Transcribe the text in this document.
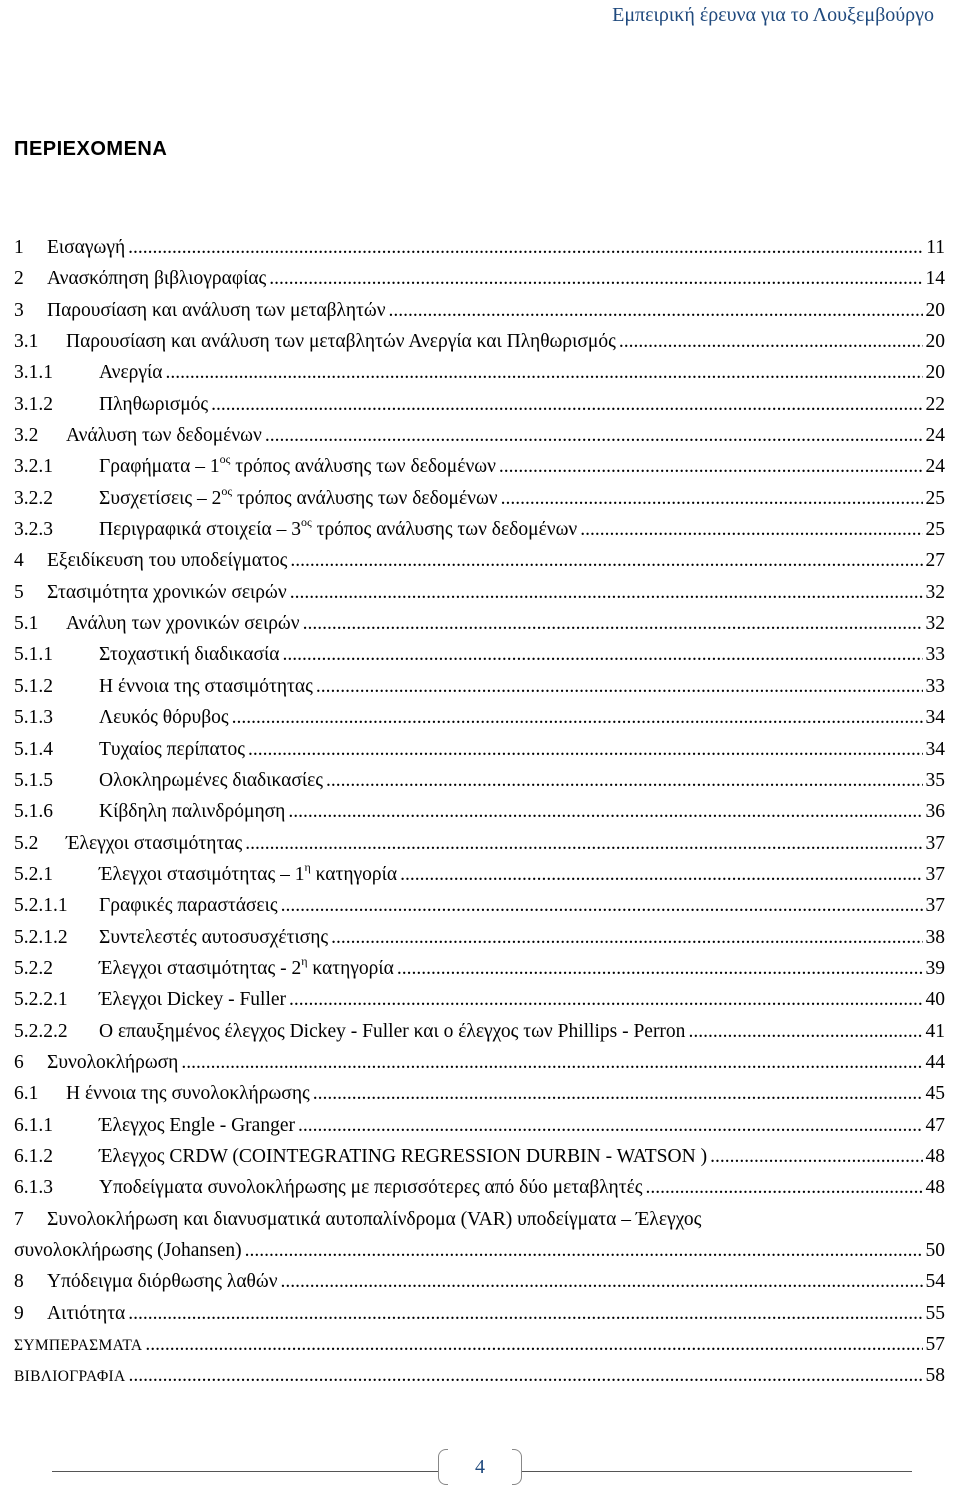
Εμπειρική έρευνα για το Λουξεμβούργο
ΠΕΡΙΕΧΟΜΕΝΑ
1	Εισαγωγή .....	11
2	Ανασκόπηση βιβλιογραφίας .....	14
3	Παρουσίαση και ανάλυση των μεταβλητών .....	20
3.1	Παρουσίαση και ανάλυση των μεταβλητών Ανεργία και Πληθωρισμός .....	20
3.1.1	Ανεργία .....	20
3.1.2	Πληθωρισμός .....	22
3.2	Ανάλυση των δεδομένων .....	24
3.2.1	Γραφήματα – $1^{o\varsigma}$ τρόπος ανάλυσης των δεδομένων .....	24
3.2.2	Συσχετίσεις – $2^{o\varsigma}$ τρόπος ανάλυσης των δεδομένων .....	25
3.2.3	Περιγραφικά στοιχεία – $3^{o\varsigma}$ τρόπος ανάλυσης των δεδομένων .....	25
4	Εξειδίκευση του υποδείγματος .....	27
5	Στασιμότητα χρονικών σειρών .....	32
5.1	Ανάλυη των χρονικών σειρών .....	32
5.1.1	Στοχαστική διαδικασία .....	33
5.1.2	Η έννοια της στασιμότητας .....	33
5.1.3	Λευκός θόρυβος .....	34
5.1.4	Τυχαίος περίπατος .....	34
5.1.5	Ολοκληρωμένες διαδικασίες .....	35
5.1.6	Κίβδηλη παλινδρόμηση .....	36
5.2	Έλεγχοι στασιμότητας .....	37
5.2.1	Έλεγχοι στασιμότητας – $1^\eta$ κατηγορία .....	37
5.2.1.1	Γραφικές παραστάσεις .....	37
5.2.1.2	Συντελεστές αυτοσυσχέτισης .....	38
5.2.2	Έλεγχοι στασιμότητας - $2^\eta$ κατηγορία .....	39
5.2.2.1	Έλεγχοι Dickey - Fuller .....	40
5.2.2.2	Ο επαυξημένος έλεγχος Dickey - Fuller και ο έλεγχος των Phillips - Perron .....	41
6	Συνολοκλήρωση .....	44
6.1	Η έννοια της συνολοκλήρωσης .....	45
6.1.1	Έλεγχος Engle - Granger .....	47
6.1.2	Έλεγχος CRDW (COINTEGRATING REGRESSION DURBIN - WATSON ) .....	48
6.1.3	Υποδείγματα συνολοκλήρωσης με περισσότερες από δύο μεταβλητές .....	48
7	Συνολοκλήρωση και διανυσματικά αυτοπαλίνδρομα (VAR) υποδείγματα – Έλεγχος
συνολοκλήρωσης (Johansen) .....	50
8	Υπόδειγμα διόρθωσης λαθών .....	54
9	Αιτιότητα .....	55
ΣΥΜΠΕΡΑΣΜΑΤΑ .....	57
ΒΙΒΛΙΟΓΡΑΦΙΑ .....	58
4
